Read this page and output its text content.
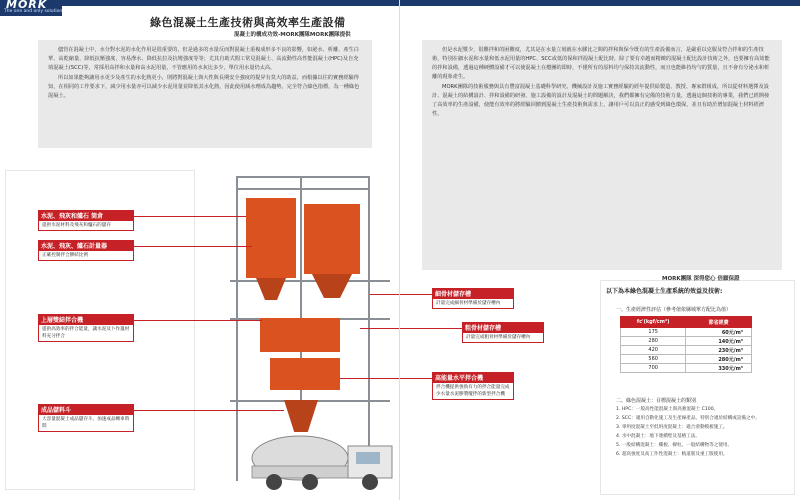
MORK
The one and only solution
綠色混凝土生產技術與高效率生產設備
混凝土的構成功效-MORK團隊MORK團隊提供

儘管在混凝土中，水分對水泥的水化作用是很重要的，但是過多的水量反而對混凝土重複成形多不良的影響，如泌水、析離、產生白華、高乾縮量、降低抗壓強度、容易滲水、降低抗拉及抗彎強度等等；尤其自助式閒工常見混凝土、高流動性高性能混凝土(HPC)及自充填混凝土(SCC)等，常採用高拌和水量和高水泥用量，不管應用的水灰比多少，單位用水量仍太高。

所以如果能夠讓用水更少及產生的水化熱更小，則將對混凝土與大性與長期安全強度的提昇有莫大的助益，而根據以往的實務經驗得知，在相同的工作要求下，減少用水量亦可以減少水泥用量並降低其水化熱，因此使用減水劑成為趨勢，完全符合綠色指標，為一種綠色混凝土。

水泥、飛灰和爐石 筒倉
提供水泥材料及飛灰和爐石的儲存
水泥、飛灰、爐石計量器
正確控制拌合膠結比例
上層雙結拌合機
提供高效率的拌合能量，讓水泥及卜作嵐材料充分拌合
成品儲料斗
大容量混凝土成品儲存斗，加速成品轉車時間
細骨材儲存槽
計量完成細骨材準備於儲存槽內
粗骨材儲存槽
計量完成粗骨材準備於儲存槽內
高能量水平拌合機
拌合機提供強勁有力的拌合能量完成少水量水泥膠漿攪拌的新型拌合機

但是水泥漿少，很難拌和的困難度，尤其是在水量立刻就在水膠比之間的拌和與保今既有的生產設備而言，是嚴重以克服及符合拌和的生產技術，特別在細水泥和水量和低水泥用量的HPC、SCC或低的保和拌混凝土配比時，除了要有卓越而精緻的混凝土配比設計技術之外，也要擁有高效能的拌和設備，透過這種硬體設備才可以使混凝土在攪團的即時，不僅所有的原料均勻保持其流動性，而且也能維持均勻的質量，且不會有分泌水和析離的現象產生。

MORK團隊的技術服務與具有豐富混凝土基礎科學研究、機械設計及施工實務經驗的經年提供給製造、教授、專家群組成，所以從材料選擇及設計、混凝土的結構設計、拌和設備的研發、施工設備的設計及混凝土的問題解決，我們都擁有完備的技術力量，透過這個技術的專業，我們已經開發了高效率的生產設備，使能有效率的將經驗回饋到混凝土生產技術與需求上，讓用戶可以真正的感受到綠色環保，並且有助於增加混凝土材料經濟性。

MORK團隊 深得您心 倍願保證
以下為本綠色混凝土生產系統的效益及技術:
一、生產經濟性評估（參考值依縣城單方配比為值）
fc'(kgf/cm²)	節省經費
175	60元/m³
280	140元/m³
420	230元/m³
560	280元/m³
700	330元/m³
二、綠色混凝土：目標混凝土的類別
1. HPC：一般高性能混凝土與高強混凝土 C100。
2. SCC：適用自動化施工及生產線產品。特別合適於結構或設備之中。
3. 零坍度混凝土至低坍度混凝土：適合滑動模板施工。
4. 水中混凝土：地下連續壁及基樁工法。
5. 一般結構混凝土：樓板、樑柱、一般結構物等之使用。
6. 超高強度及高工作性混凝土：軌道版及重工版使用。
